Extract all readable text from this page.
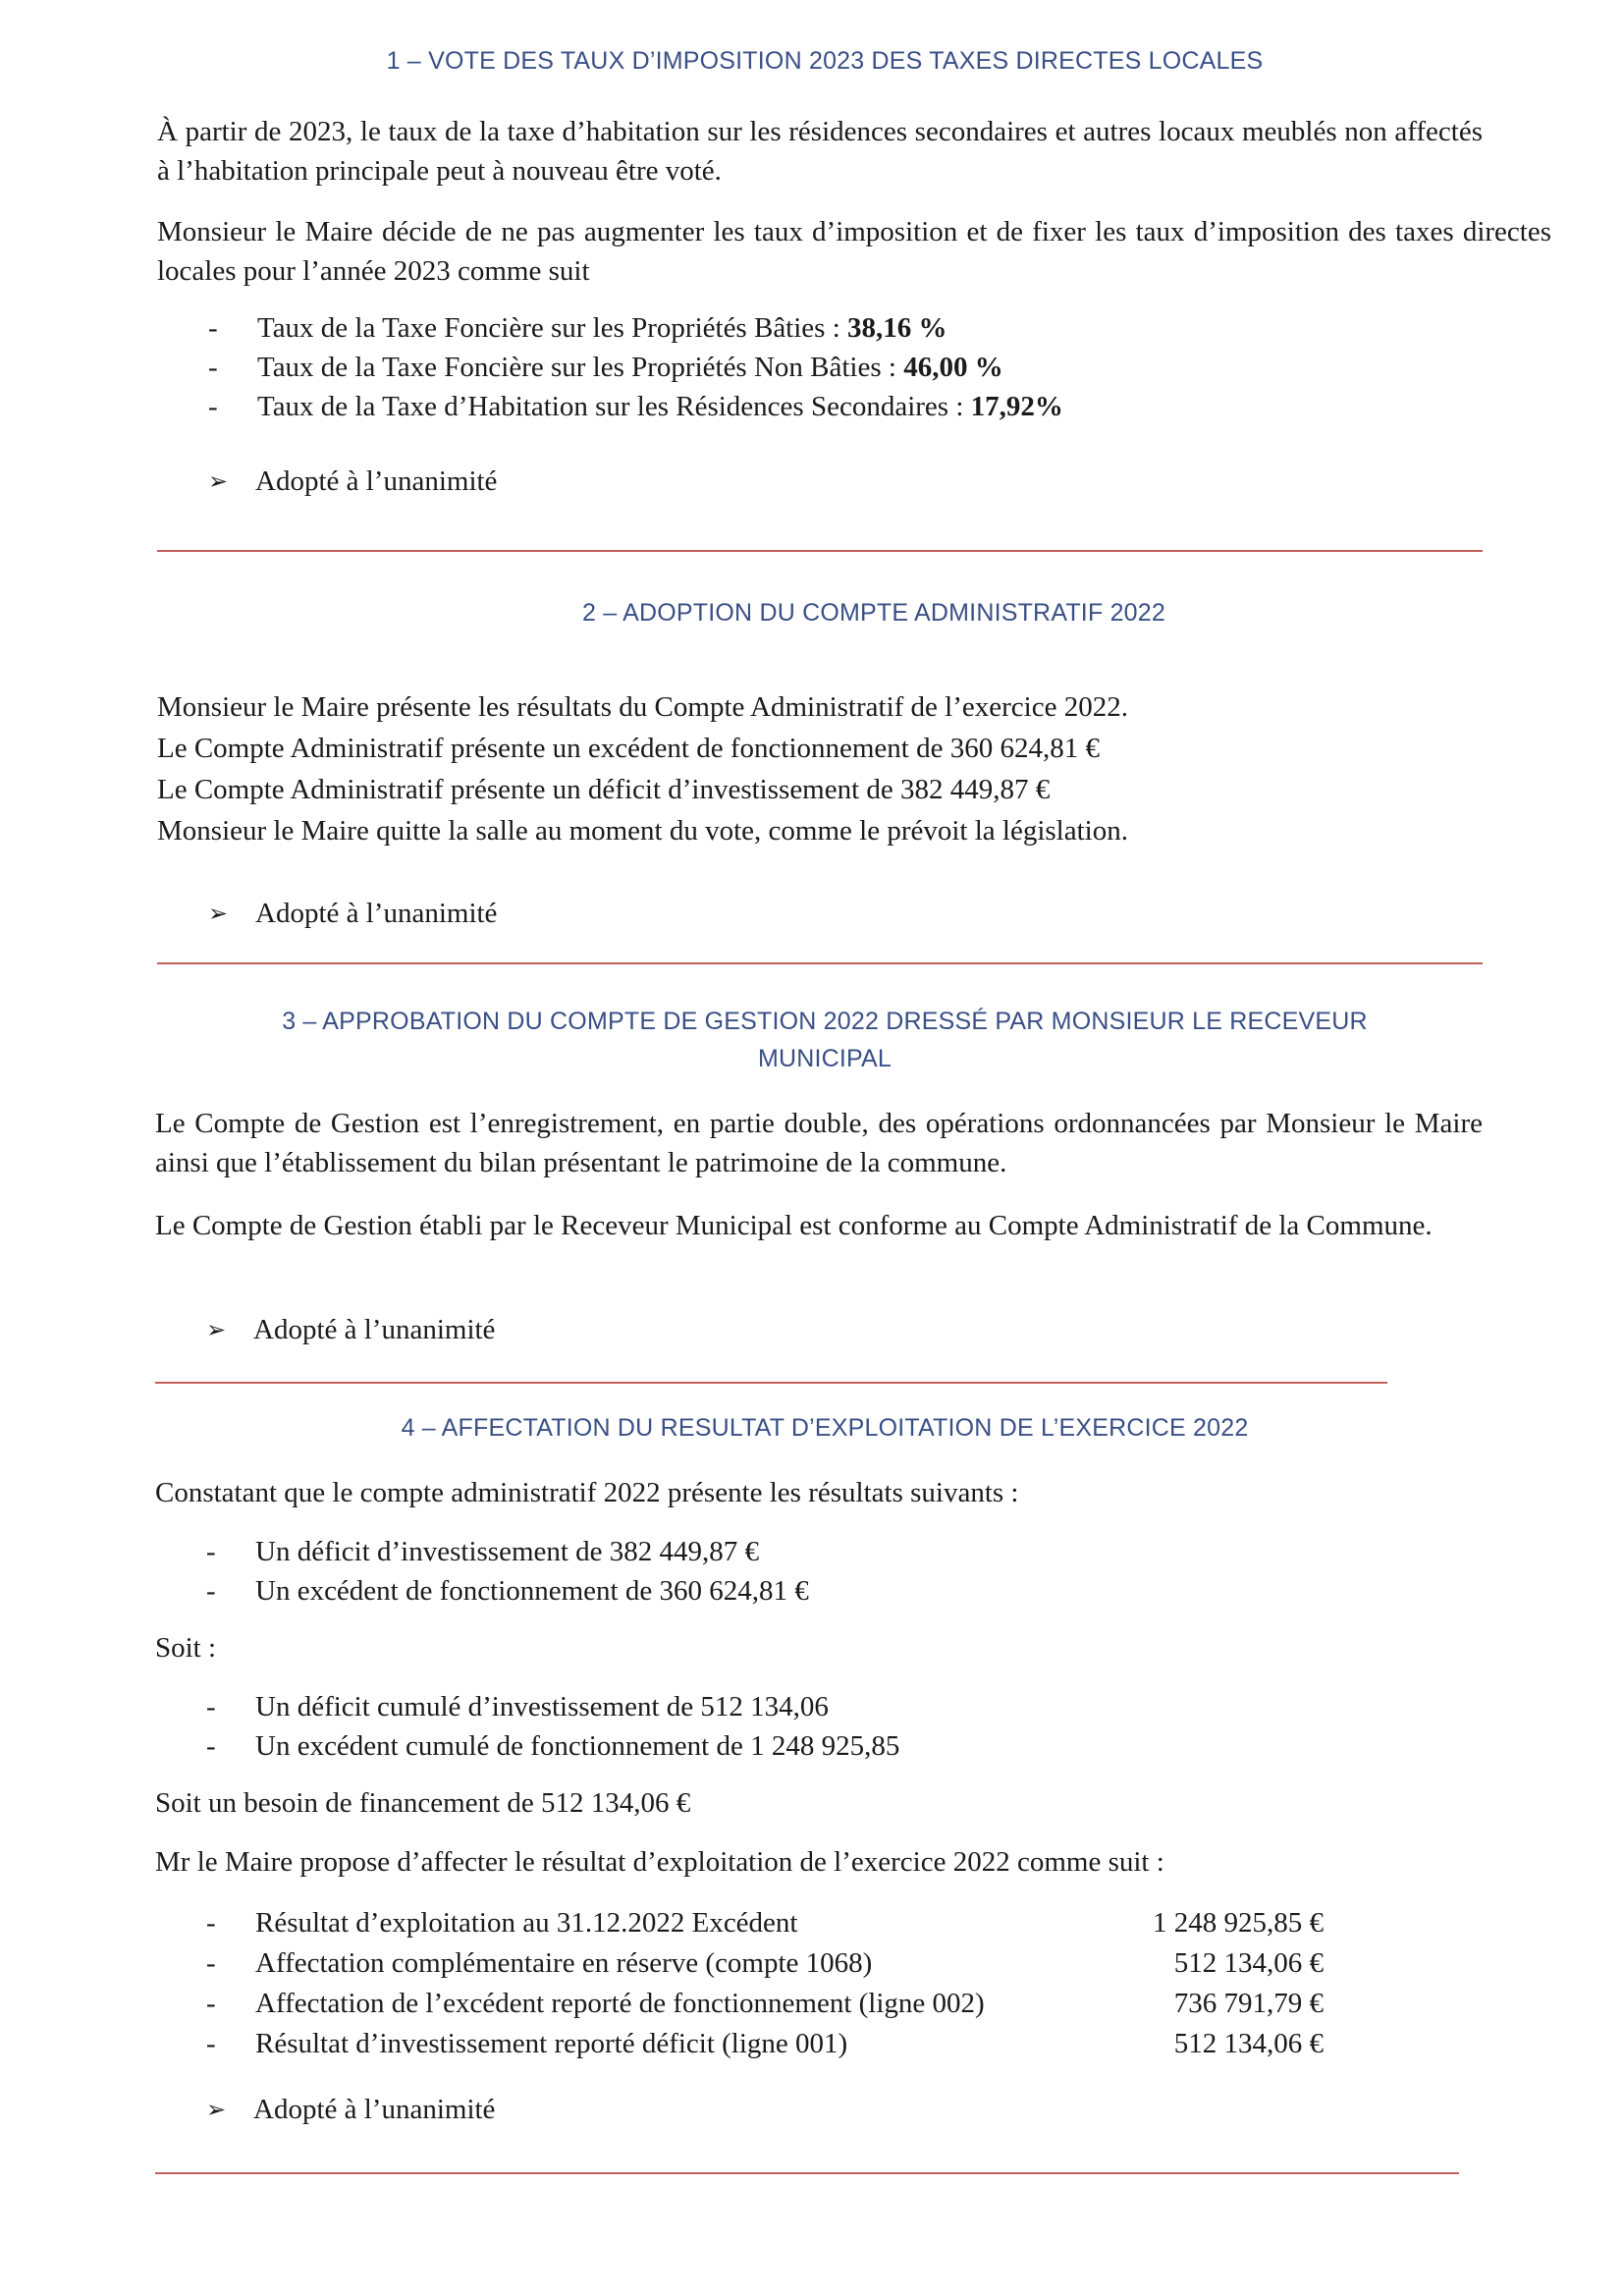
1 – VOTE DES TAUX D’IMPOSITION 2023 DES TAXES DIRECTES LOCALES
À partir de 2023, le taux de la taxe d’habitation sur les résidences secondaires et autres locaux meublés non affectés à l’habitation principale peut à nouveau être voté.
Monsieur le Maire décide de ne pas augmenter les taux d’imposition et de fixer les taux d’imposition des taxes directes locales pour l’année 2023 comme suit
- Taux de la Taxe Foncière sur les Propriétés Bâties : 38,16 %
- Taux de la Taxe Foncière sur les Propriétés Non Bâties : 46,00 %
- Taux de la Taxe d’Habitation sur les Résidences Secondaires : 17,92%
➢ Adopté à l’unanimité
2 – ADOPTION DU COMPTE ADMINISTRATIF 2022
Monsieur le Maire présente les résultats du Compte Administratif de l’exercice 2022.
Le Compte Administratif présente un excédent de fonctionnement de 360 624,81 €
Le Compte Administratif présente un déficit d’investissement de 382 449,87 €
Monsieur le Maire quitte la salle au moment du vote, comme le prévoit la législation.
➢ Adopté à l’unanimité
3 – APPROBATION DU COMPTE DE GESTION 2022 DRESSÉ PAR MONSIEUR LE RECEVEUR
MUNICIPAL
Le Compte de Gestion est l’enregistrement, en partie double, des opérations ordonnancées par Monsieur le Maire ainsi que l’établissement du bilan présentant le patrimoine de la commune.
Le Compte de Gestion établi par le Receveur Municipal est conforme au Compte Administratif de la Commune.
➢ Adopté à l’unanimité
4 – AFFECTATION DU RESULTAT D’EXPLOITATION DE L’EXERCICE 2022
Constatant que le compte administratif 2022 présente les résultats suivants :
- Un déficit d’investissement de 382 449,87 €
- Un excédent de fonctionnement de 360 624,81 €
Soit :
- Un déficit cumulé d’investissement de 512 134,06
- Un excédent cumulé de fonctionnement de 1 248 925,85
Soit un besoin de financement de 512 134,06 €
Mr le Maire propose d’affecter le résultat d’exploitation de l’exercice 2022 comme suit :
- Résultat d’exploitation au 31.12.2022 Excédent	1 248 925,85 €
- Affectation complémentaire en réserve (compte 1068)	512 134,06 €
- Affectation de l’excédent reporté de fonctionnement (ligne 002)	736 791,79 €
- Résultat d’investissement reporté déficit (ligne 001)	512 134,06 €
➢ Adopté à l’unanimité
